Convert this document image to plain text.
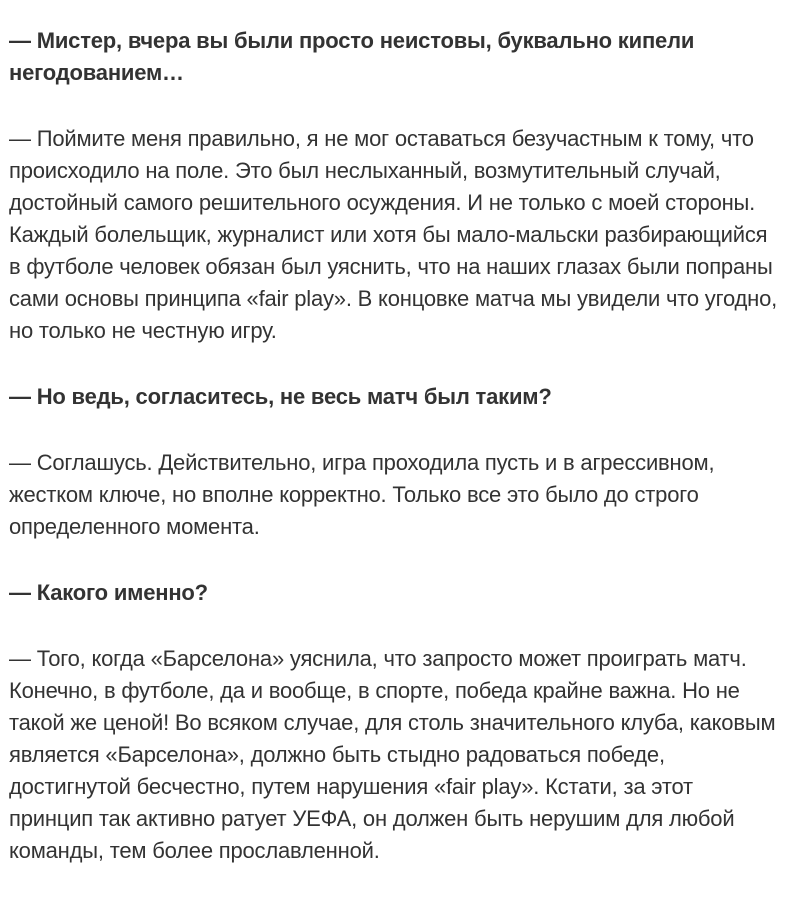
— Мистер, вчера вы были просто неистовы, буквально кипели негодованием…

— Поймите меня правильно, я не мог оставаться безучастным к тому, что происходило на поле. Это был неслыханный, возмутительный случай, достойный самого решительного осуждения. И не только с моей стороны. Каждый болельщик, журналист или хотя бы мало-мальски разбирающийся в футболе человек обязан был уяснить, что на наших глазах были попраны сами основы принципа «fair play». В концовке матча мы увидели что угодно, но только не честную игру.

— Но ведь, согласитесь, не весь матч был таким?

— Соглашусь. Действительно, игра проходила пусть и в агрессивном, жестком ключе, но вполне корректно. Только все это было до строго определенного момента.

— Какого именно?

— Того, когда «Барселона» уяснила, что запросто может проиграть матч. Конечно, в футболе, да и вообще, в спорте, победа крайне важна. Но не такой же ценой! Во всяком случае, для столь значительного клуба, каковым является «Барселона», должно быть стыдно радоваться победе, достигнутой бесчестно, путем нарушения «fair play». Кстати, за этот принцип так активно ратует УЕФА, он должен быть нерушим для любой команды, тем более прославленной.
